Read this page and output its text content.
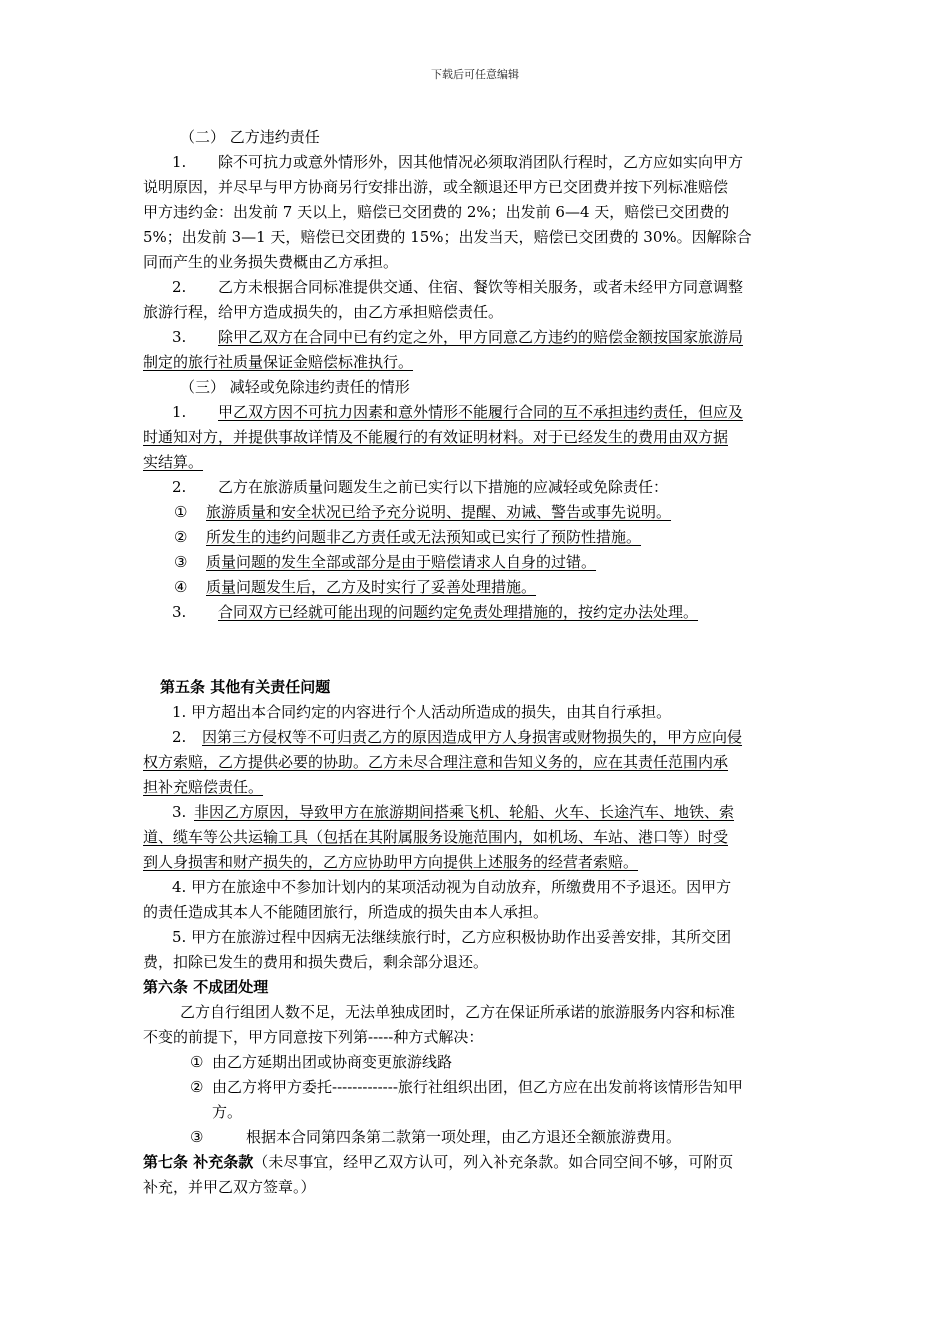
下载后可任意编辑
（二） 乙方违约责任
1. 除不可抗力或意外情形外，因其他情况必须取消团队行程时，乙方应如实向甲方
说明原因，并尽早与甲方协商另行安排出游，或全额退还甲方已交团费并按下列标准赔偿
甲方违约金：出发前 7 天以上，赔偿已交团费的 2%；出发前 6—4 天，赔偿已交团费的
5%；出发前 3—1 天，赔偿已交团费的 15%；出发当天，赔偿已交团费的 30%。因解除合
同而产生的业务损失费概由乙方承担。
2. 乙方未根据合同标准提供交通、住宿、餐饮等相关服务，或者未经甲方同意调整
旅游行程，给甲方造成损失的，由乙方承担赔偿责任。
3. 除甲乙双方在合同中已有约定之外，甲方同意乙方违约的赔偿金额按国家旅游局
制定的旅行社质量保证金赔偿标准执行。
（三） 减轻或免除违约责任的情形
1. 甲乙双方因不可抗力因素和意外情形不能履行合同的互不承担违约责任，但应及
时通知对方，并提供事故详情及不能履行的有效证明材料。对于已经发生的费用由双方据
实结算。
2. 乙方在旅游质量问题发生之前已实行以下措施的应减轻或免除责任：
① 旅游质量和安全状况已给予充分说明、提醒、劝诫、警告或事先说明。
② 所发生的违约问题非乙方责任或无法预知或已实行了预防性措施。
③ 质量问题的发生全部或部分是由于赔偿请求人自身的过错。
④ 质量问题发生后，乙方及时实行了妥善处理措施。
3. 合同双方已经就可能出现的问题约定免责处理措施的，按约定办法处理。
第五条 其他有关责任问题
1. 甲方超出本合同约定的内容进行个人活动所造成的损失，由其自行承担。
2. 因第三方侵权等不可归责乙方的原因造成甲方人身损害或财物损失的，甲方应向侵
权方索赔，乙方提供必要的协助。乙方未尽合理注意和告知义务的，应在其责任范围内承
担补充赔偿责任。
3. 非因乙方原因，导致甲方在旅游期间搭乘飞机、轮船、火车、长途汽车、地铁、索
道、缆车等公共运输工具（包括在其附属服务设施范围内，如机场、车站、港口等）时受
到人身损害和财产损失的，乙方应协助甲方向提供上述服务的经营者索赔。
4. 甲方在旅途中不参加计划内的某项活动视为自动放弃，所缴费用不予退还。因甲方
的责任造成其本人不能随团旅行，所造成的损失由本人承担。
5. 甲方在旅游过程中因病无法继续旅行时，乙方应积极协助作出妥善安排，其所交团
费，扣除已发生的费用和损失费后，剩余部分退还。
第六条 不成团处理
乙方自行组团人数不足，无法单独成团时，乙方在保证所承诺的旅游服务内容和标准
不变的前提下，甲方同意按下列第-----种方式解决：
① 由乙方延期出团或协商变更旅游线路
② 由乙方将甲方委托-------------旅行社组织出团，但乙方应在出发前将该情形告知甲
方。
③	根据本合同第四条第二款第一项处理，由乙方退还全额旅游费用。
第七条 补充条款（未尽事宜，经甲乙双方认可，列入补充条款。如合同空间不够，可附页
补充，并甲乙双方签章。）
